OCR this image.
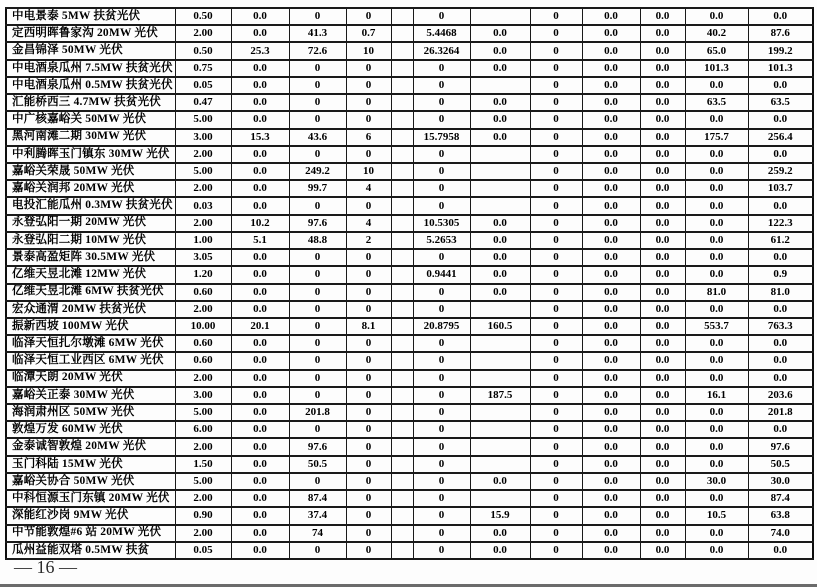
中电景泰 5MW 扶贫光伏	0.50	0.0	0	0		0		0	0.0	0.0	0.0	0.0
定西明晖鲁家沟 20MW 光伏	2.00	0.0	41.3	0.7		5.4468	0.0	0	0.0	0.0	40.2	87.6
金昌锦泽 50MW 光伏	0.50	25.3	72.6	10		26.3264	0.0	0	0.0	0.0	65.0	199.2
中电酒泉瓜州 7.5MW 扶贫光伏	0.75	0.0	0	0		0	0.0	0	0.0	0.0	101.3	101.3
中电酒泉瓜州 0.5MW 扶贫光伏	0.05	0.0	0	0		0		0	0.0	0.0	0.0	0.0
汇能桥西三 4.7MW 扶贫光伏	0.47	0.0	0	0		0	0.0	0	0.0	0.0	63.5	63.5
中广核嘉峪关 50MW 光伏	5.00	0.0	0	0		0	0.0	0	0.0	0.0	0.0	0.0
黑河南滩二期 30MW 光伏	3.00	15.3	43.6	6		15.7958	0.0	0	0.0	0.0	175.7	256.4
中利腾晖玉门镇东 30MW 光伏	2.00	0.0	0	0		0		0	0.0	0.0	0.0	0.0
嘉峪关荣晟 50MW 光伏	5.00	0.0	249.2	10		0		0	0.0	0.0	0.0	259.2
嘉峪关润邦 20MW 光伏	2.00	0.0	99.7	4		0		0	0.0	0.0	0.0	103.7
电投汇能瓜州 0.3MW 扶贫光伏	0.03	0.0	0	0		0		0	0.0	0.0	0.0	0.0
永登弘阳一期 20MW 光伏	2.00	10.2	97.6	4		10.5305	0.0	0	0.0	0.0	0.0	122.3
永登弘阳二期 10MW 光伏	1.00	5.1	48.8	2		5.2653	0.0	0	0.0	0.0	0.0	61.2
景泰高盈矩阵 30.5MW 光伏	3.05	0.0	0	0		0	0.0	0	0.0	0.0	0.0	0.0
亿维天昱北滩 12MW 光伏	1.20	0.0	0	0		0.9441	0.0	0	0.0	0.0	0.0	0.9
亿维天昱北滩 6MW 扶贫光伏	0.60	0.0	0	0		0	0.0	0	0.0	0.0	81.0	81.0
宏众通渭 20MW 扶贫光伏	2.00	0.0	0	0		0		0	0.0	0.0	0.0	0.0
振新西坡 100MW 光伏	10.00	20.1	0	8.1		20.8795	160.5	0	0.0	0.0	553.7	763.3
临泽天恒扎尔墩滩 6MW 光伏	0.60	0.0	0	0		0		0	0.0	0.0	0.0	0.0
临泽天恒工业西区 6MW 光伏	0.60	0.0	0	0		0		0	0.0	0.0	0.0	0.0
临潭天朗 20MW 光伏	2.00	0.0	0	0		0		0	0.0	0.0	0.0	0.0
嘉峪关正泰 30MW 光伏	3.00	0.0	0	0		0	187.5	0	0.0	0.0	16.1	203.6
海润肃州区 50MW 光伏	5.00	0.0	201.8	0		0		0	0.0	0.0	0.0	201.8
敦煌万发 60MW 光伏	6.00	0.0	0	0		0		0	0.0	0.0	0.0	0.0
金泰诚智敦煌 20MW 光伏	2.00	0.0	97.6	0		0		0	0.0	0.0	0.0	97.6
玉门科陆 15MW 光伏	1.50	0.0	50.5	0		0		0	0.0	0.0	0.0	50.5
嘉峪关协合 50MW 光伏	5.00	0.0	0	0		0	0.0	0	0.0	0.0	30.0	30.0
中科恒源玉门东镇 20MW 光伏	2.00	0.0	87.4	0		0		0	0.0	0.0	0.0	87.4
深能红沙岗 9MW 光伏	0.90	0.0	37.4	0		0	15.9	0	0.0	0.0	10.5	63.8
中节能敦煌#6 站 20MW 光伏	2.00	0.0	74	0		0	0.0	0	0.0	0.0	0.0	74.0
瓜州益能双塔 0.5MW 扶贫	0.05	0.0	0	0		0	0.0	0	0.0	0.0	0.0	0.0
— 16 —
